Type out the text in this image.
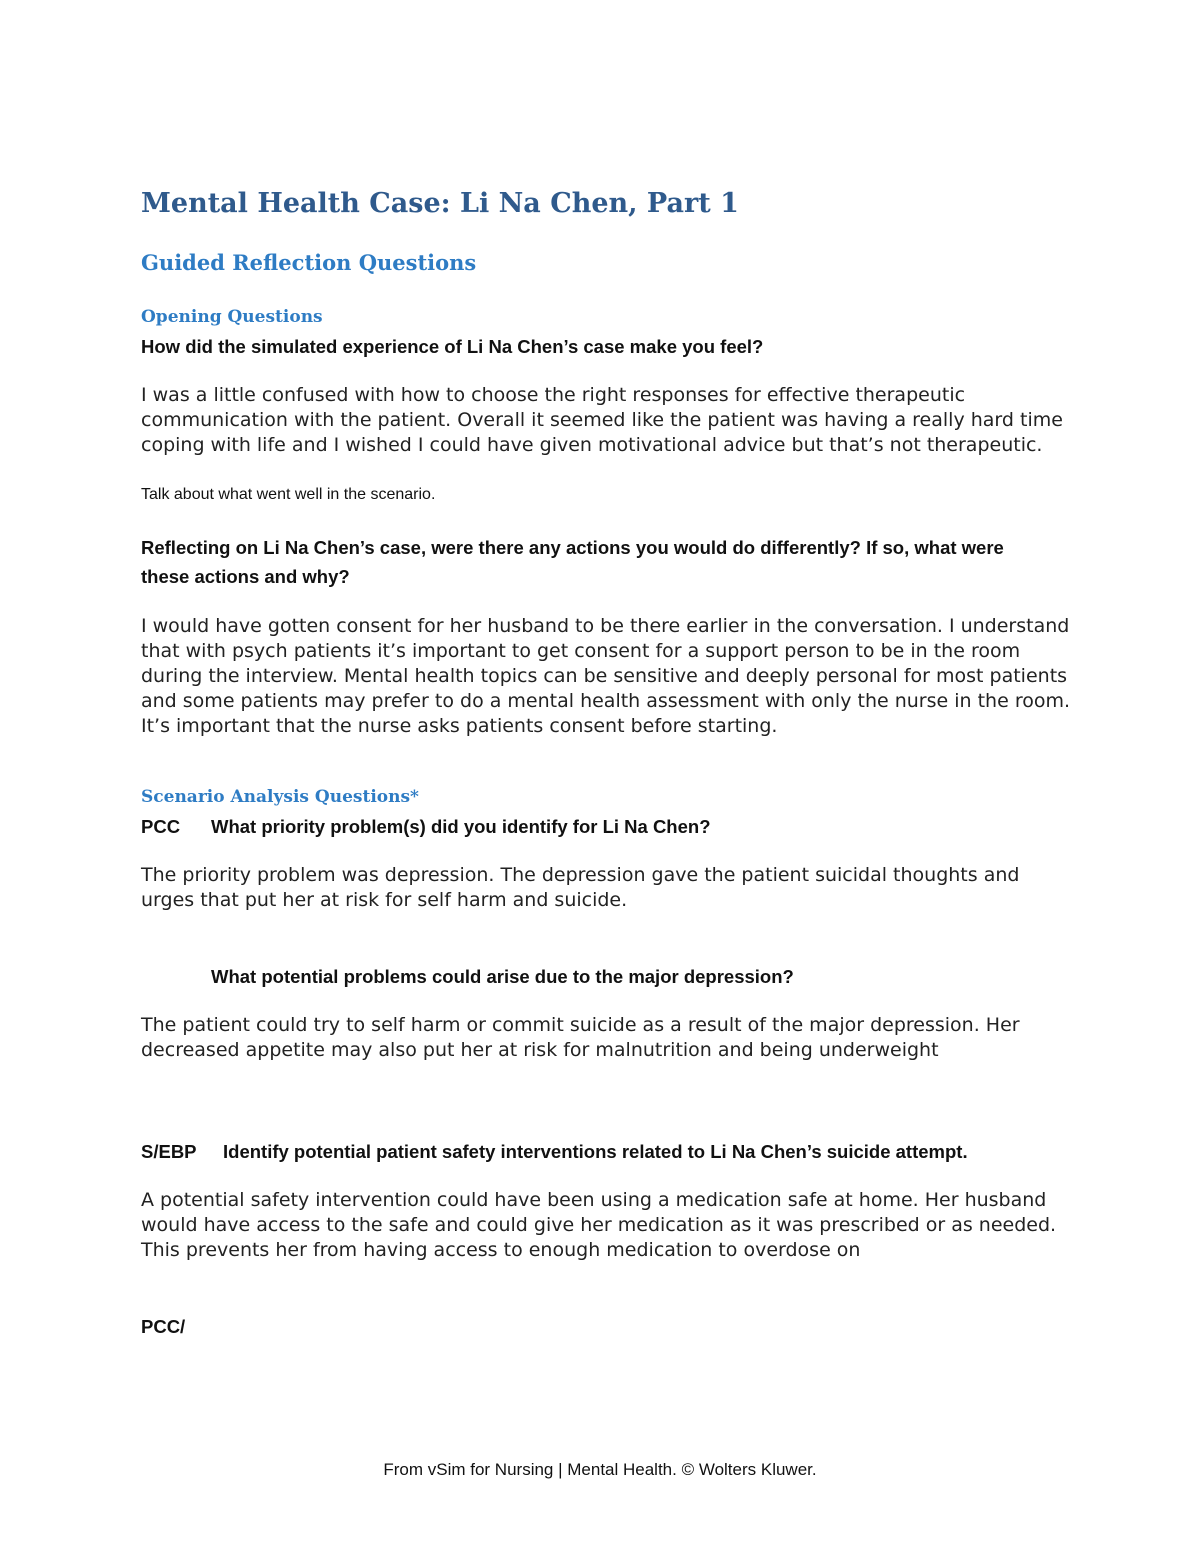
Mental Health Case: Li Na Chen, Part 1
Guided Reflection Questions
Opening Questions

How did the simulated experience of Li Na Chen’s case make you feel?

I was a little confused with how to choose the right responses for effective therapeutic communication with the patient. Overall it seemed like the patient was having a really hard time coping with life and I wished I could have given motivational advice but that’s not therapeutic.

Talk about what went well in the scenario.

Reflecting on Li Na Chen’s case, were there any actions you would do differently? If so, what were

these actions and why?

I would have gotten consent for her husband to be there earlier in the conversation. I understand that with psych patients it’s important to get consent for a support person to be in the room during the interview. Mental health topics can be sensitive and deeply personal for most patients and some patients may prefer to do a mental health assessment with only the nurse in the room. It’s important that the nurse asks patients consent before starting.

Scenario Analysis Questions*

PCC What priority problem(s) did you identify for Li Na Chen?

The priority problem was depression. The depression gave the patient suicidal thoughts and urges that put her at risk for self harm and suicide.

What potential problems could arise due to the major depression?

The patient could try to self harm or commit suicide as a result of the major depression. Her decreased appetite may also put her at risk for malnutrition and being underweight

S/EBP Identify potential patient safety interventions related to Li Na Chen’s suicide attempt.

A potential safety intervention could have been using a medication safe at home. Her husband would have access to the safe and could give her medication as it was prescribed or as needed. This prevents her from having access to enough medication to overdose on

PCC/

From vSim for Nursing | Mental Health. © Wolters Kluwer.
